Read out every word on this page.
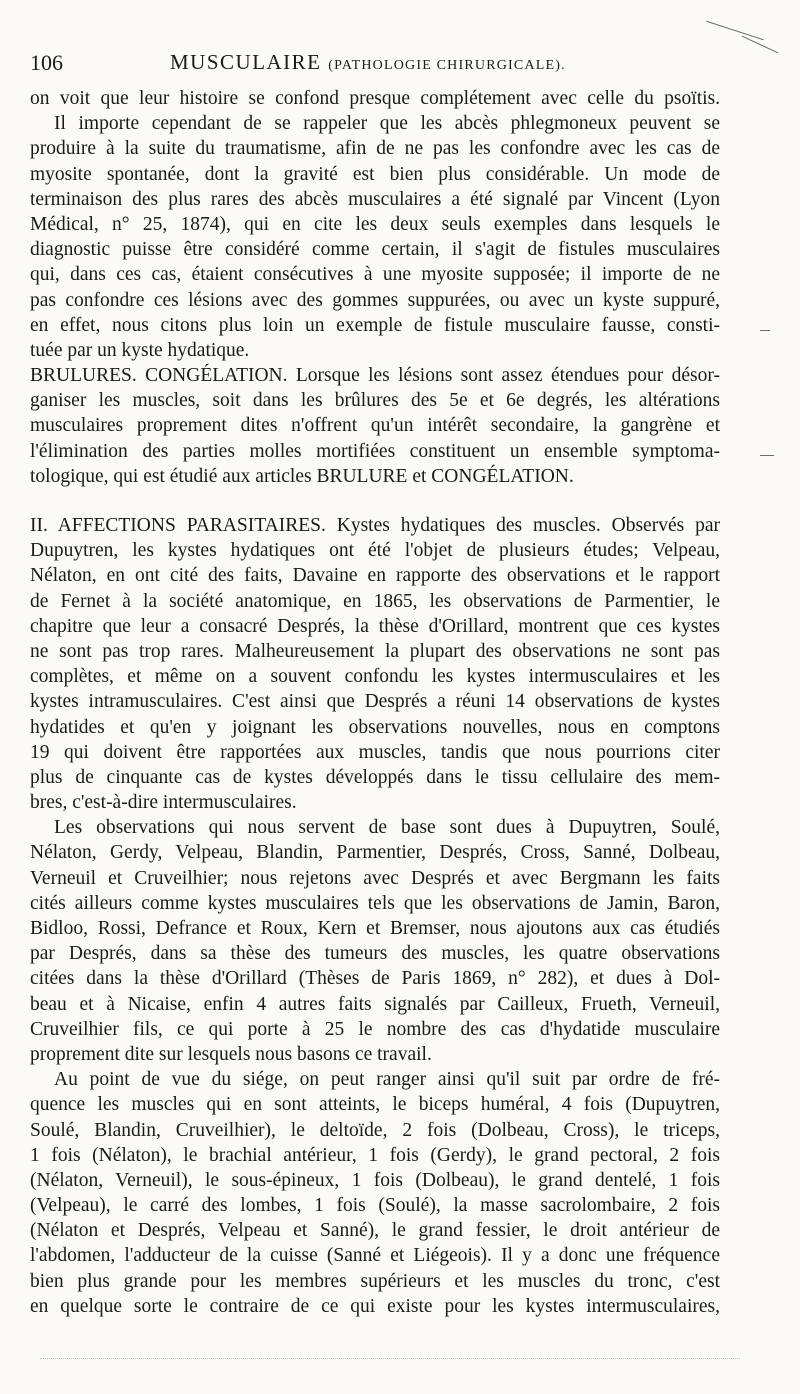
106	MUSCULAIRE (PATHOLOGIE CHIRURGICALE).
on voit que leur histoire se confond presque complétement avec celle du psoïtis.
Il importe cependant de se rappeler que les abcès phlegmoneux peuvent se
produire à la suite du traumatisme, afin de ne pas les confondre avec les cas de
myosite spontanée, dont la gravité est bien plus considérable. Un mode de
terminaison des plus rares des abcès musculaires a été signalé par Vincent (Lyon
Médical, n° 25, 1874), qui en cite les deux seuls exemples dans lesquels le
diagnostic puisse être considéré comme certain, il s'agit de fistules musculaires
qui, dans ces cas, étaient consécutives à une myosite supposée; il importe de ne
pas confondre ces lésions avec des gommes suppurées, ou avec un kyste suppuré,
en effet, nous citons plus loin un exemple de fistule musculaire fausse, consti-
tuée par un kyste hydatique.
BRULURES. CONGÉLATION. Lorsque les lésions sont assez étendues pour désor-
ganiser les muscles, soit dans les brûlures des 5e et 6e degrés, les altérations
musculaires proprement dites n'offrent qu'un intérêt secondaire, la gangrène et
l'élimination des parties molles mortifiées constituent un ensemble symptoma-
tologique, qui est étudié aux articles BRULURE et CONGÉLATION.
II. AFFECTIONS PARASITAIRES. Kystes hydatiques des muscles. Observés par
Dupuytren, les kystes hydatiques ont été l'objet de plusieurs études; Velpeau,
Nélaton, en ont cité des faits, Davaine en rapporte des observations et le rapport
de Fernet à la société anatomique, en 1865, les observations de Parmentier, le
chapitre que leur a consacré Després, la thèse d'Orillard, montrent que ces kystes
ne sont pas trop rares. Malheureusement la plupart des observations ne sont pas
complètes, et même on a souvent confondu les kystes intermusculaires et les
kystes intramusculaires. C'est ainsi que Després a réuni 14 observations de kystes
hydatides et qu'en y joignant les observations nouvelles, nous en comptons
19 qui doivent être rapportées aux muscles, tandis que nous pourrions citer
plus de cinquante cas de kystes développés dans le tissu cellulaire des mem-
bres, c'est-à-dire intermusculaires.
Les observations qui nous servent de base sont dues à Dupuytren, Soulé,
Nélaton, Gerdy, Velpeau, Blandin, Parmentier, Després, Cross, Sanné, Dolbeau,
Verneuil et Cruveilhier; nous rejetons avec Després et avec Bergmann les faits
cités ailleurs comme kystes musculaires tels que les observations de Jamin, Baron,
Bidloo, Rossi, Defrance et Roux, Kern et Bremser, nous ajoutons aux cas étudiés
par Després, dans sa thèse des tumeurs des muscles, les quatre observations
citées dans la thèse d'Orillard (Thèses de Paris 1869, n° 282), et dues à Dol-
beau et à Nicaise, enfin 4 autres faits signalés par Cailleux, Frueth, Verneuil,
Cruveilhier fils, ce qui porte à 25 le nombre des cas d'hydatide musculaire
proprement dite sur lesquels nous basons ce travail.
Au point de vue du siége, on peut ranger ainsi qu'il suit par ordre de fré-
quence les muscles qui en sont atteints, le biceps huméral, 4 fois (Dupuytren,
Soulé, Blandin, Cruveilhier), le deltoïde, 2 fois (Dolbeau, Cross), le triceps,
1 fois (Nélaton), le brachial antérieur, 1 fois (Gerdy), le grand pectoral, 2 fois
(Nélaton, Verneuil), le sous-épineux, 1 fois (Dolbeau), le grand dentelé, 1 fois
(Velpeau), le carré des lombes, 1 fois (Soulé), la masse sacrolombaire, 2 fois
(Nélaton et Després, Velpeau et Sanné), le grand fessier, le droit antérieur de
l'abdomen, l'adducteur de la cuisse (Sanné et Liégeois). Il y a donc une fréquence
bien plus grande pour les membres supérieurs et les muscles du tronc, c'est
en quelque sorte le contraire de ce qui existe pour les kystes intermusculaires,
